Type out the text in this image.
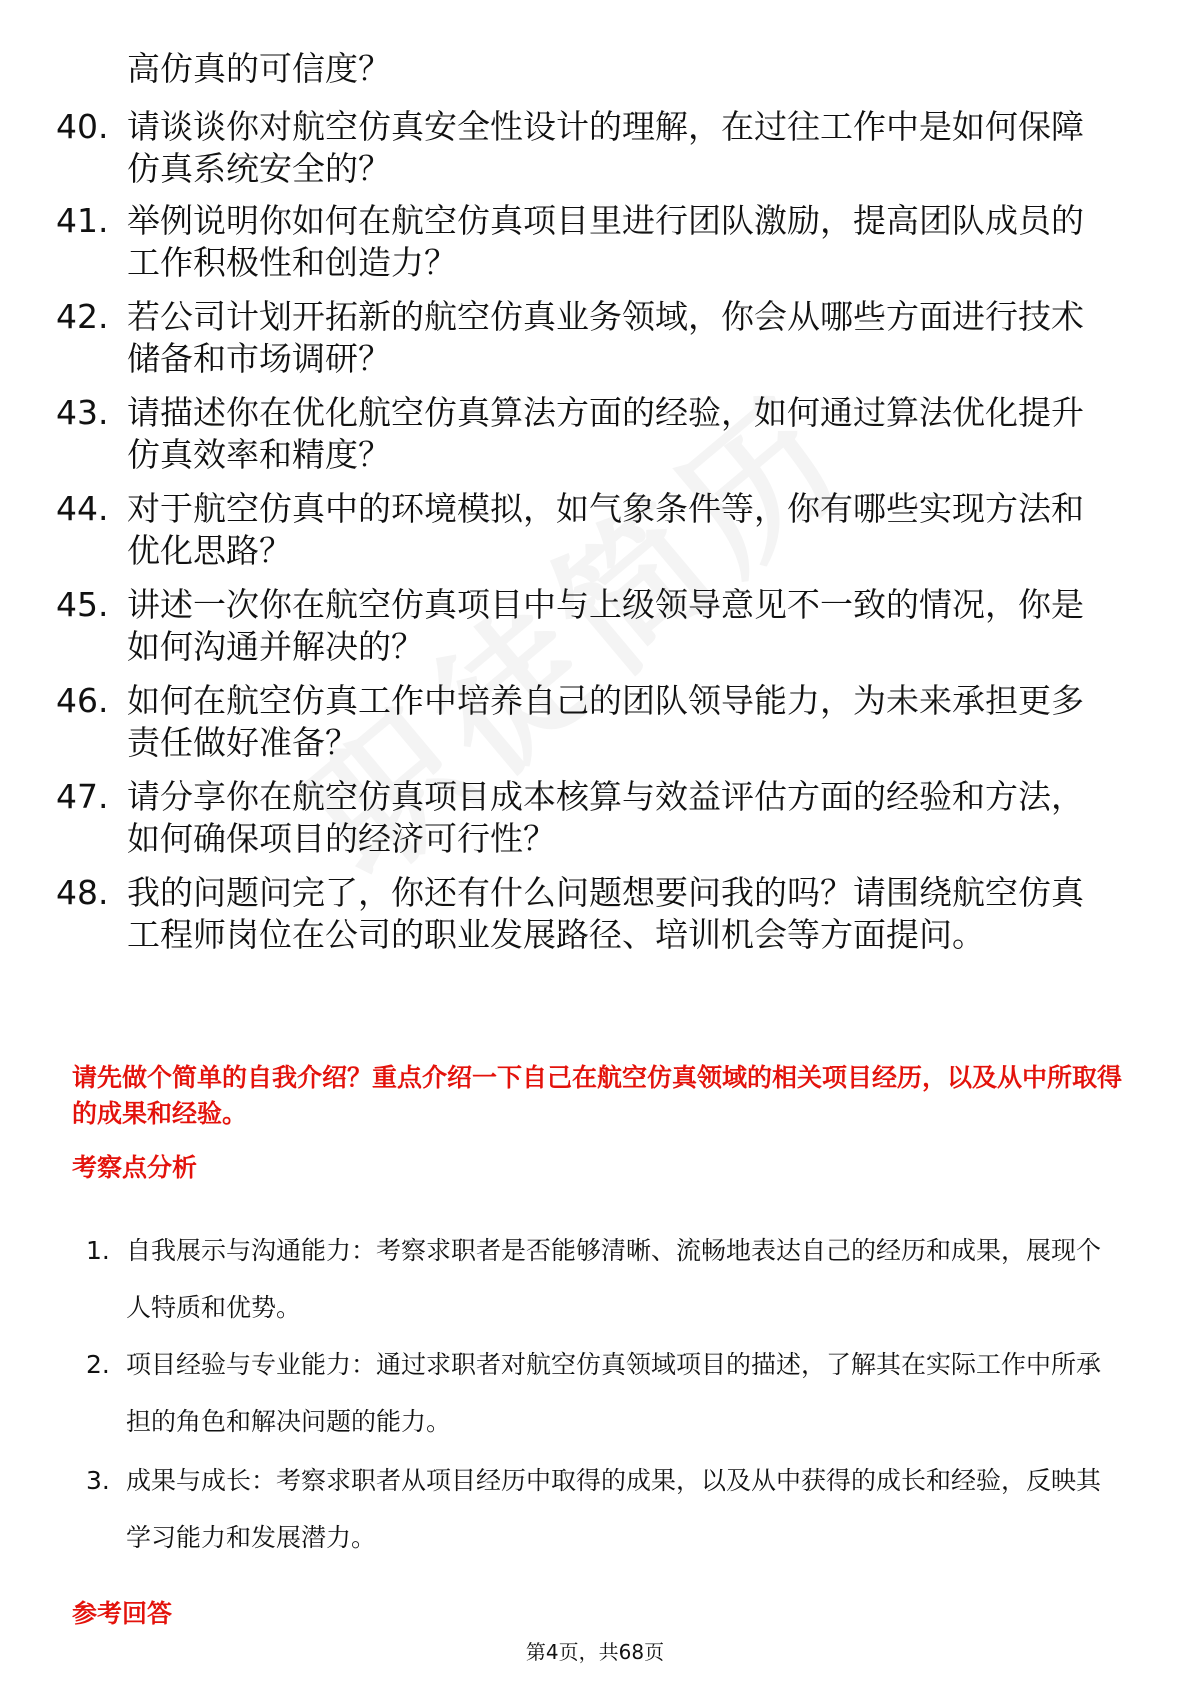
高仿真的可信度？
40. 请谈谈你对航空仿真安全性设计的理解，在过往工作中是如何保障仿真系统安全的？
41. 举例说明你如何在航空仿真项目里进行团队激励，提高团队成员的工作积极性和创造力？
42. 若公司计划开拓新的航空仿真业务领域，你会从哪些方面进行技术储备和市场调研？
43. 请描述你在优化航空仿真算法方面的经验，如何通过算法优化提升仿真效率和精度？
44. 对于航空仿真中的环境模拟，如气象条件等，你有哪些实现方法和优化思路？
45. 讲述一次你在航空仿真项目中与上级领导意见不一致的情况，你是如何沟通并解决的？
46. 如何在航空仿真工作中培养自己的团队领导能力，为未来承担更多责任做好准备？
47. 请分享你在航空仿真项目成本核算与效益评估方面的经验和方法，如何确保项目的经济可行性？
48. 我的问题问完了，你还有什么问题想要问我的吗？请围绕航空仿真工程师岗位在公司的职业发展路径、培训机会等方面提问。
请先做个简单的自我介绍？重点介绍一下自己在航空仿真领域的相关项目经历，以及从中所取得的成果和经验。
考察点分析
1. 自我展示与沟通能力：考察求职者是否能够清晰、流畅地表达自己的经历和成果，展现个人特质和优势。
2. 项目经验与专业能力：通过求职者对航空仿真领域项目的描述，了解其在实际工作中所承担的角色和解决问题的能力。
3. 成果与成长：考察求职者从项目经历中取得的成果，以及从中获得的成长和经验，反映其学习能力和发展潜力。
参考回答
第4页，共68页
